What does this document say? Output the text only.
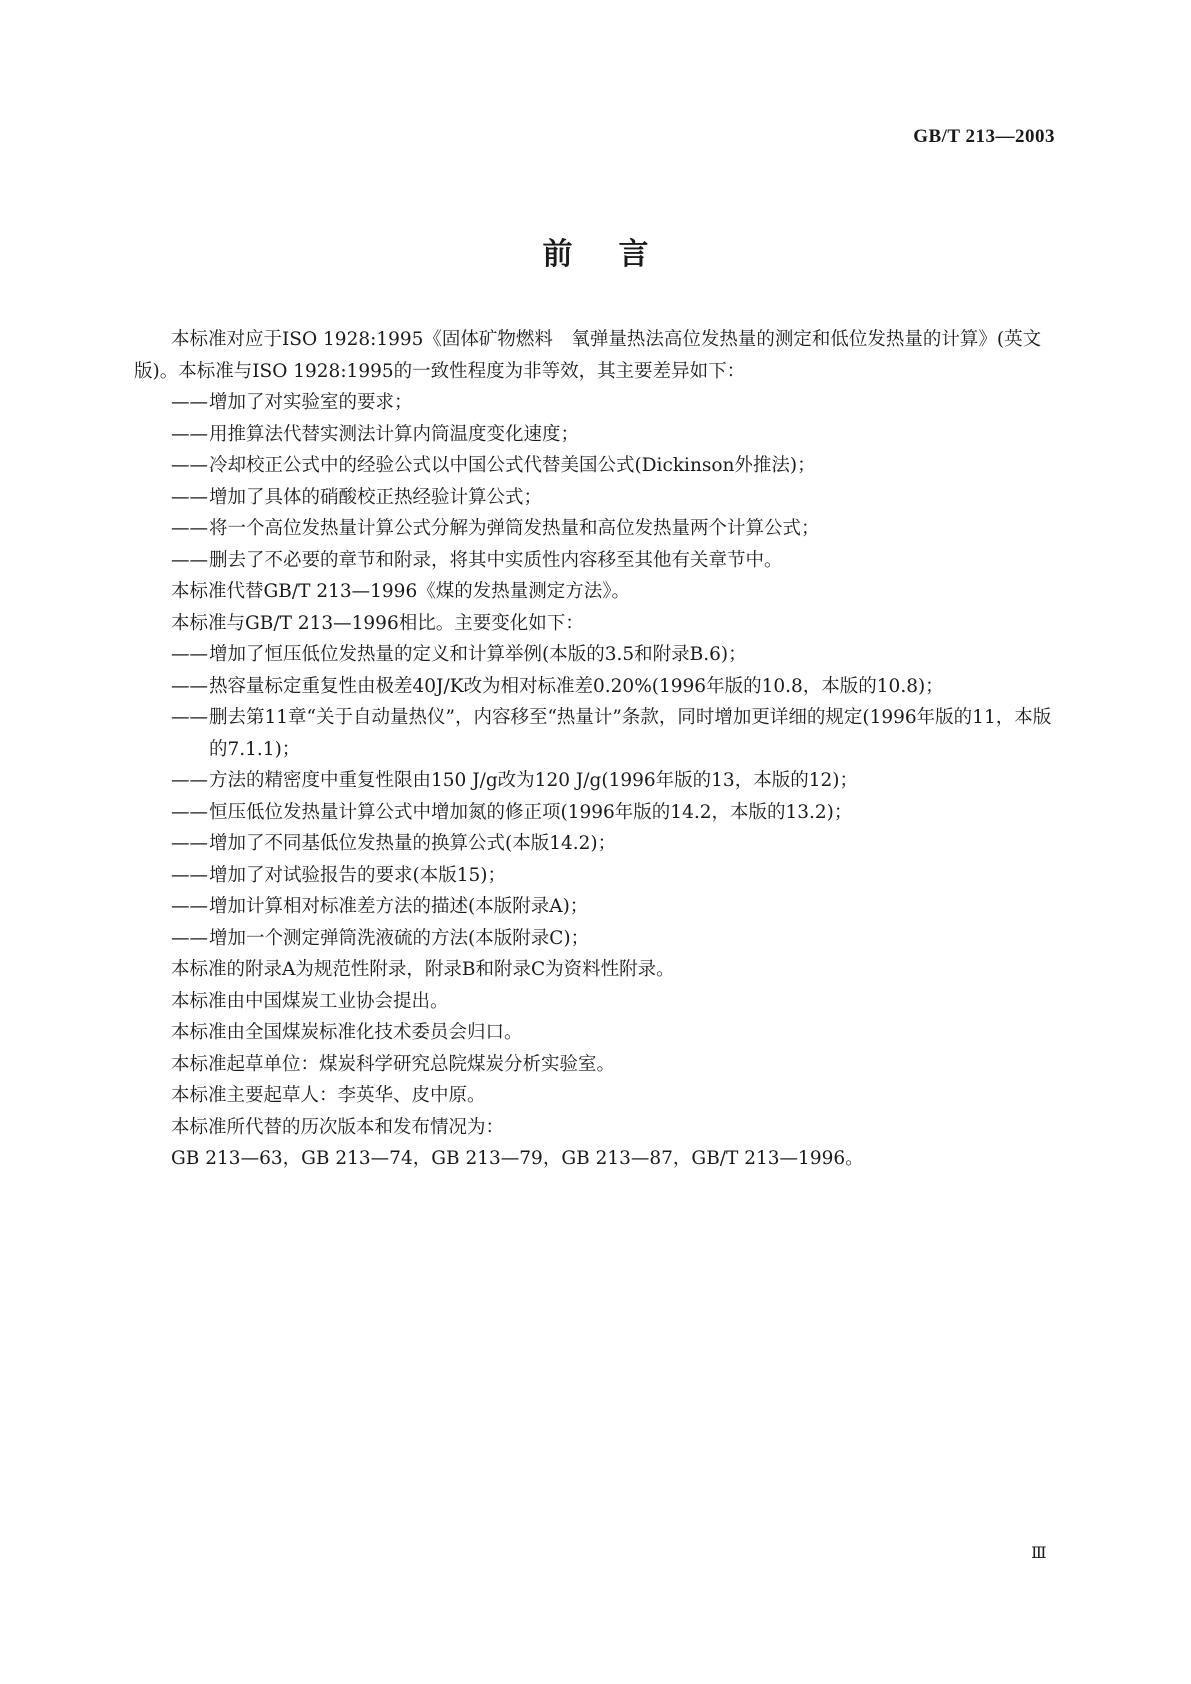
GB/T 213—2003
前言

本标准对应于ISO 1928:1995《固体矿物燃料　氧弹量热法高位发热量的测定和低位发热量的计算》(英文版)。本标准与ISO 1928:1995的一致性程度为非等效，其主要差异如下：

——增加了对实验室的要求；

——用推算法代替实测法计算内筒温度变化速度；

——冷却校正公式中的经验公式以中国公式代替美国公式(Dickinson外推法)；

——增加了具体的硝酸校正热经验计算公式；

——将一个高位发热量计算公式分解为弹筒发热量和高位发热量两个计算公式；

——删去了不必要的章节和附录，将其中实质性内容移至其他有关章节中。

本标准代替GB/T 213—1996《煤的发热量测定方法》。

本标准与GB/T 213—1996相比。主要变化如下：

——增加了恒压低位发热量的定义和计算举例(本版的3.5和附录B.6)；

——热容量标定重复性由极差40J/K改为相对标准差0.20%(1996年版的10.8，本版的10.8)；

——删去第11章“关于自动量热仪”，内容移至“热量计”条款，同时增加更详细的规定(1996年版的11，本版的7.1.1)；

——方法的精密度中重复性限由150 J/g改为120 J/g(1996年版的13，本版的12)；

——恒压低位发热量计算公式中增加氮的修正项(1996年版的14.2，本版的13.2)；

——增加了不同基低位发热量的换算公式(本版14.2)；

——增加了对试验报告的要求(本版15)；

——增加计算相对标准差方法的描述(本版附录A)；

——增加一个测定弹筒洗液硫的方法(本版附录C)；

本标准的附录A为规范性附录，附录B和附录C为资料性附录。

本标准由中国煤炭工业协会提出。

本标准由全国煤炭标准化技术委员会归口。

本标准起草单位：煤炭科学研究总院煤炭分析实验室。

本标准主要起草人：李英华、皮中原。

本标准所代替的历次版本和发布情况为：

GB 213—63，GB 213—74，GB 213—79，GB 213—87，GB/T 213—1996。

Ⅲ
